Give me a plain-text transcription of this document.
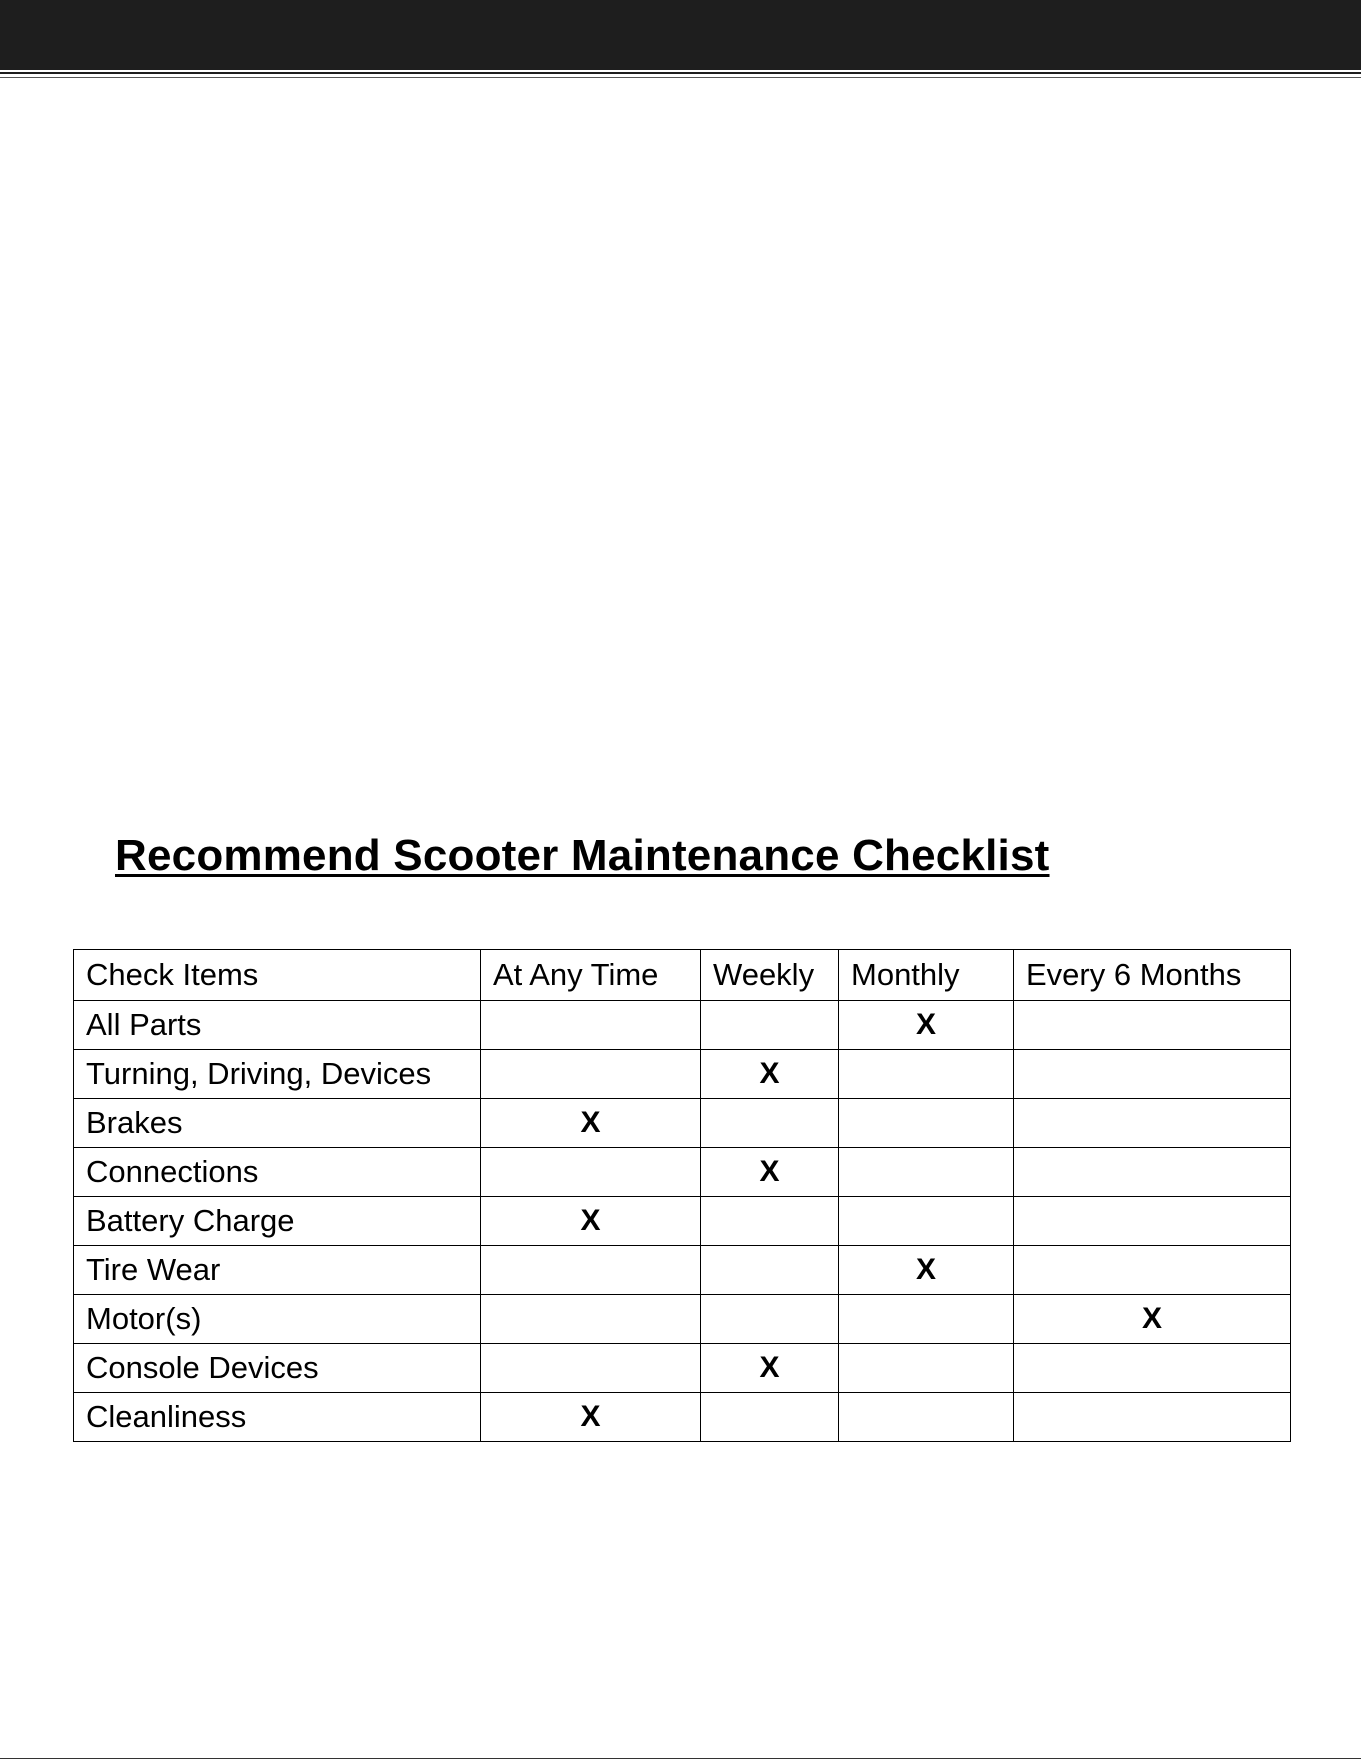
Recommend Scooter Maintenance Checklist
Check Items	At Any Time	Weekly	Monthly	Every 6 Months
All Parts			X	
Turning, Driving, Devices		X		
Brakes	X			
Connections		X		
Battery Charge	X			
Tire Wear			X	
Motor(s)				X
Console Devices		X		
Cleanliness	X			
